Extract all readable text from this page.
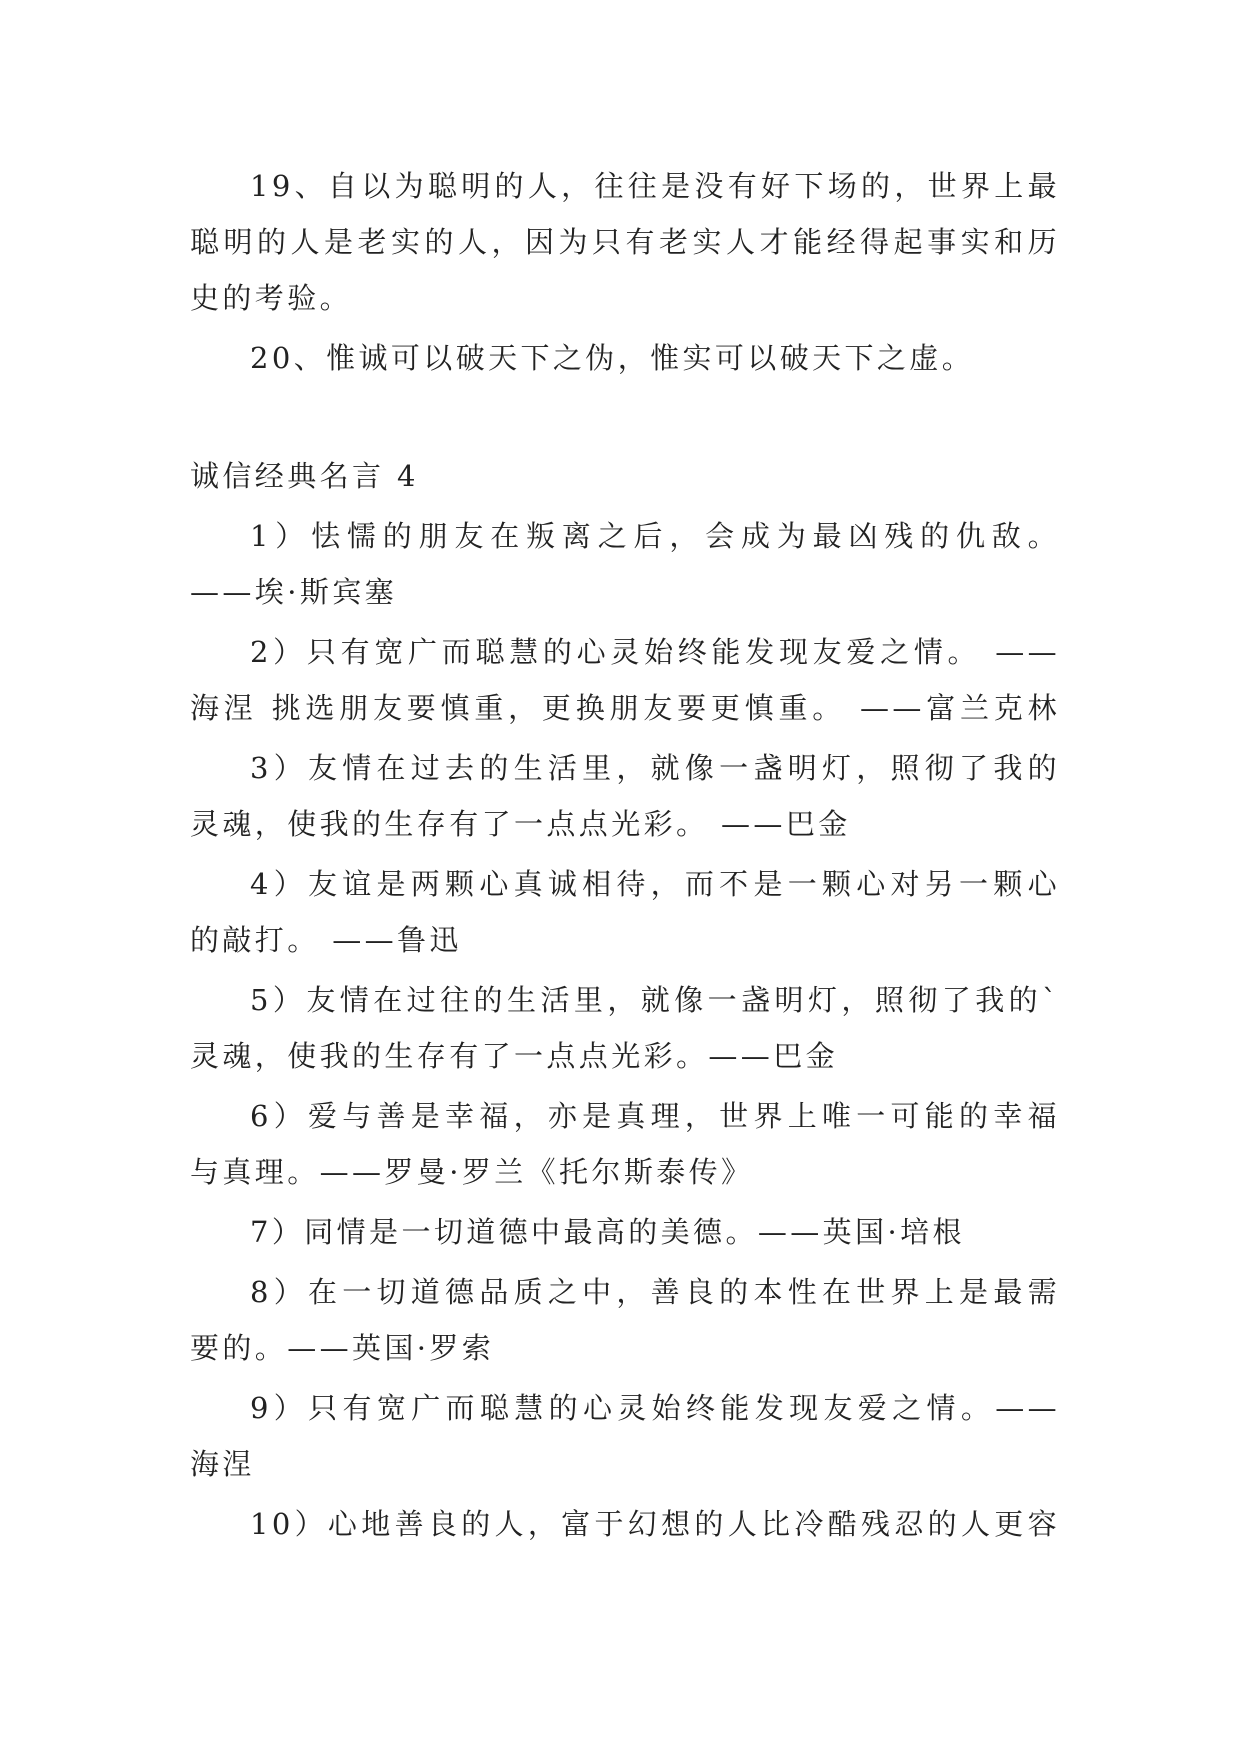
19、自以为聪明的人，往往是没有好下场的，世界上最
聪明的人是老实的人，因为只有老实人才能经得起事实和历
史的考验。
20、惟诚可以破天下之伪，惟实可以破天下之虚。
诚信经典名言 4
1）怯懦的朋友在叛离之后，会成为最凶残的仇敌。
——埃·斯宾塞
2）只有宽广而聪慧的心灵始终能发现友爱之情。 ——
海涅 挑选朋友要慎重，更换朋友要更慎重。 ——富兰克林
3）友情在过去的生活里，就像一盏明灯，照彻了我的
灵魂，使我的生存有了一点点光彩。 ——巴金
4）友谊是两颗心真诚相待，而不是一颗心对另一颗心
的敲打。 ——鲁迅
5）友情在过往的生活里，就像一盏明灯，照彻了我的`
灵魂，使我的生存有了一点点光彩。——巴金
6）爱与善是幸福，亦是真理，世界上唯一可能的幸福
与真理。——罗曼·罗兰《托尔斯泰传》
7）同情是一切道德中最高的美德。——英国·培根
8）在一切道德品质之中，善良的本性在世界上是最需
要的。——英国·罗索
9）只有宽广而聪慧的心灵始终能发现友爱之情。——
海涅
10）心地善良的人，富于幻想的人比冷酷残忍的人更容
